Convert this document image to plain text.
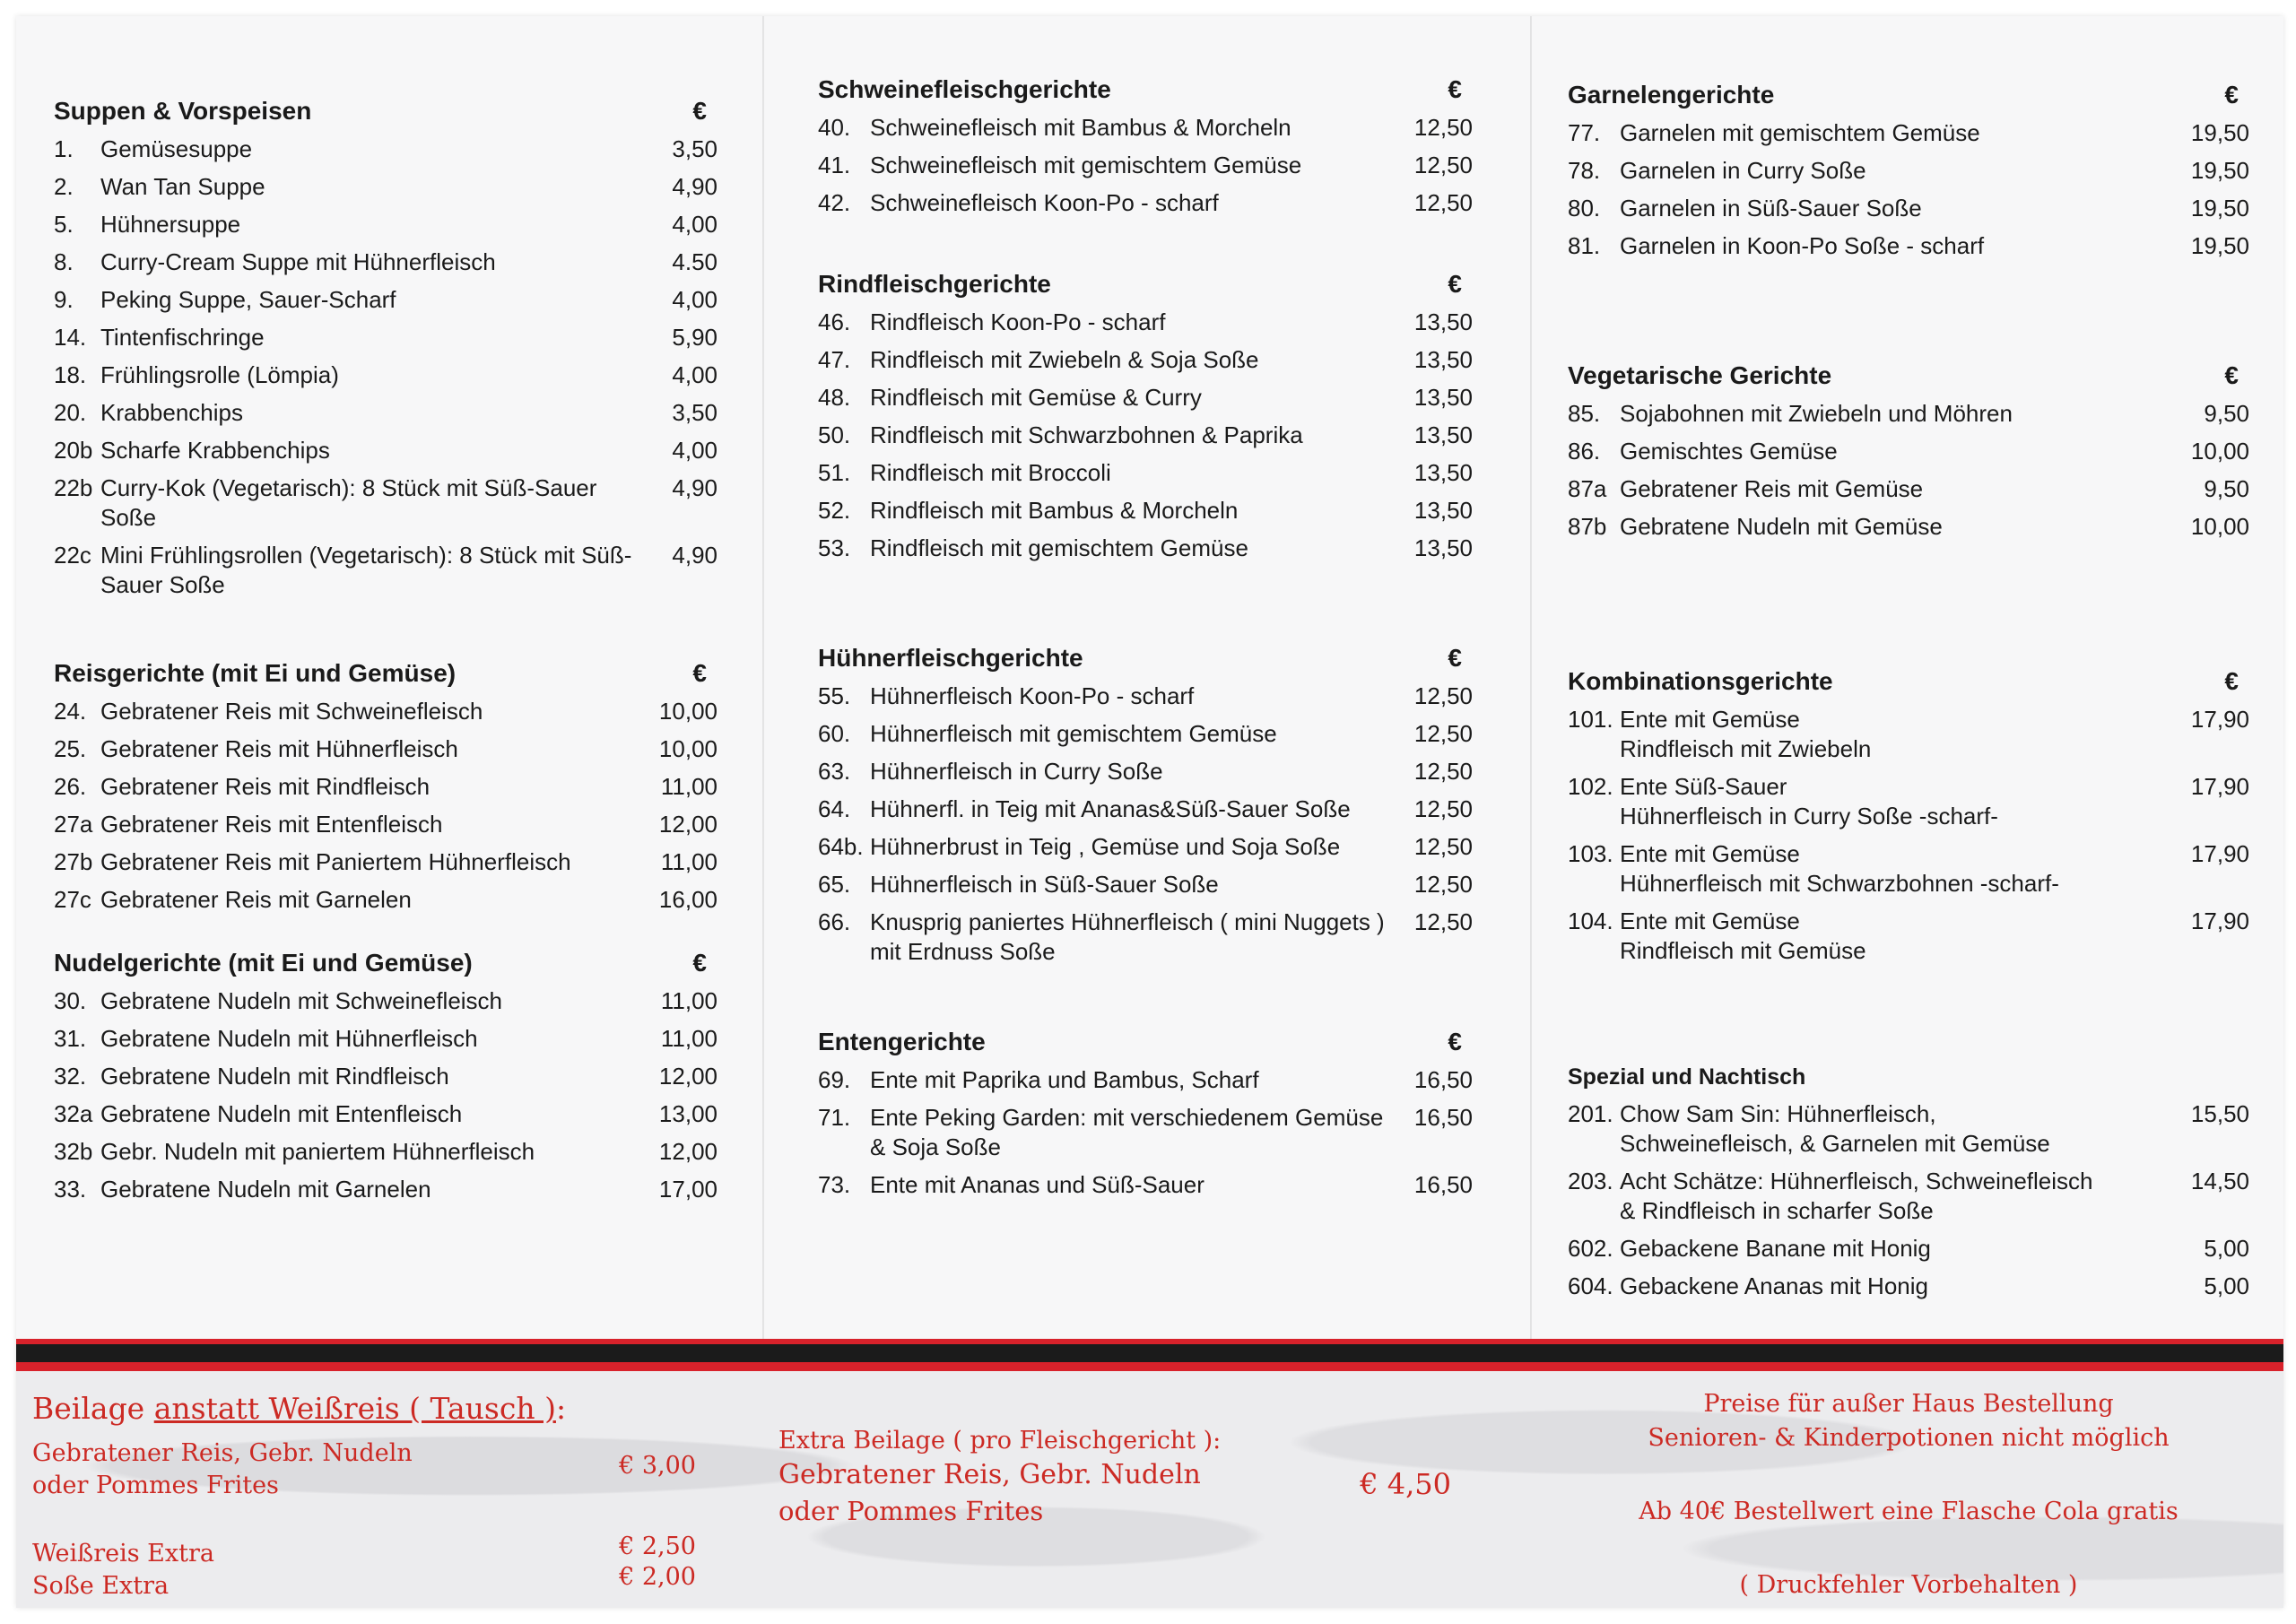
Suppen & Vorspeisen	€
1.	Gemüsesuppe	3,50
2.	Wan Tan Suppe	4,90
5.	Hühnersuppe	4,00
8.	Curry-Cream Suppe mit Hühnerfleisch	4.50
9.	Peking Suppe, Sauer-Scharf	4,00
14. Tintenfischringe	5,90
18. Frühlingsrolle (Lömpia)	4,00
20. Krabbenchips	3,50
20b Scharfe Krabbenchips	4,00
22b Curry-Kok (Vegetarisch): 8 Stück mit Süß-Sauer Soße
4,90
22c Mini Frühlingsrollen (Vegetarisch): 8 Stück mit Süß-Sauer Soße
4,90
Reisgerichte (mit Ei und Gemüse)	€
24. Gebratener Reis mit Schweinefleisch	10,00
25. Gebratener Reis mit Hühnerfleisch	10,00
26. Gebratener Reis mit Rindfleisch	11,00
27a Gebratener Reis mit Entenfleisch	12,00
27b Gebratener Reis mit Paniertem Hühnerfleisch	11,00
27c Gebratener Reis mit Garnelen	16,00
Nudelgerichte (mit Ei und Gemüse)	€
30. Gebratene Nudeln mit Schweinefleisch	11,00
31. Gebratene Nudeln mit Hühnerfleisch	11,00
32. Gebratene Nudeln mit Rindfleisch	12,00
32a Gebratene Nudeln mit Entenfleisch	13,00
32b Gebr. Nudeln mit paniertem Hühnerfleisch	12,00
33. Gebratene Nudeln mit Garnelen	17,00
Schweinefleischgerichte	€
40. Schweinefleisch mit Bambus & Morcheln	12,50
41. Schweinefleisch mit gemischtem Gemüse	12,50
42. Schweinefleisch Koon-Po - scharf	12,50
Rindfleischgerichte	€
46. Rindfleisch Koon-Po - scharf	13,50
47. Rindfleisch mit Zwiebeln & Soja Soße	13,50
48. Rindfleisch mit Gemüse & Curry	13,50
50. Rindfleisch mit Schwarzbohnen & Paprika	13,50
51. Rindfleisch mit Broccoli	13,50
52. Rindfleisch mit Bambus & Morcheln	13,50
53. Rindfleisch mit gemischtem Gemüse	13,50
Hühnerfleischgerichte	€
55. Hühnerfleisch Koon-Po - scharf	12,50
60. Hühnerfleisch mit gemischtem Gemüse	12,50
63. Hühnerfleisch in Curry Soße	12,50
64. Hühnerfl. in Teig mit Ananas&Süß-Sauer Soße	12,50
64b. Hühnerbrust in Teig , Gemüse und Soja Soße	12,50
65. Hühnerfleisch in Süß-Sauer Soße	12,50
66. Knusprig paniertes Hühnerfleisch ( mini Nuggets ) mit Erdnuss Soße
12,50
Entengerichte	€
69. Ente mit Paprika und Bambus, Scharf	16,50
71. Ente Peking Garden: mit verschiedenem Gemüse & Soja Soße
16,50
73. Ente mit Ananas und Süß-Sauer	16,50
Garnelengerichte	€
77. Garnelen mit gemischtem Gemüse	19,50
78. Garnelen in Curry Soße	19,50
80. Garnelen in Süß-Sauer Soße	19,50
81. Garnelen in Koon-Po Soße - scharf	19,50
Vegetarische Gerichte	€
85. Sojabohnen mit Zwiebeln und Möhren	9,50
86. Gemischtes Gemüse	10,00
87a Gebratener Reis mit Gemüse	9,50
87b Gebratene Nudeln mit Gemüse	10,00
Kombinationsgerichte	€
101. Ente mit Gemüse
Rindfleisch mit Zwiebeln
17,90
102. Ente Süß-Sauer
Hühnerfleisch in Curry Soße -scharf-
17,90
103. Ente mit Gemüse
Hühnerfleisch mit Schwarzbohnen -scharf-
17,90
104. Ente mit Gemüse
Rindfleisch mit Gemüse
17,90
Spezial und Nachtisch
201. Chow Sam Sin: Hühnerfleisch,
Schweinefleisch, & Garnelen mit Gemüse
15,50
203. Acht Schätze: Hühnerfleisch, Schweinefleisch
& Rindfleisch in scharfer Soße
14,50
602. Gebackene Banane mit Honig	5,00
604. Gebackene Ananas mit Honig	5,00
Beilage anstatt Weißreis ( Tausch ):
Gebratener Reis, Gebr. Nudeln
oder Pommes Frites
€ 3,00
Weißreis Extra	€ 2,50
Soße Extra	€ 2,00
Extra Beilage ( pro Fleischgericht ):
Gebratener Reis, Gebr. Nudeln
oder Pommes Frites
€ 4,50
Preise für außer Haus Bestellung
Senioren- & Kinderpotionen nicht möglich
Ab 40€ Bestellwert eine Flasche Cola gratis
( Druckfehler Vorbehalten )
